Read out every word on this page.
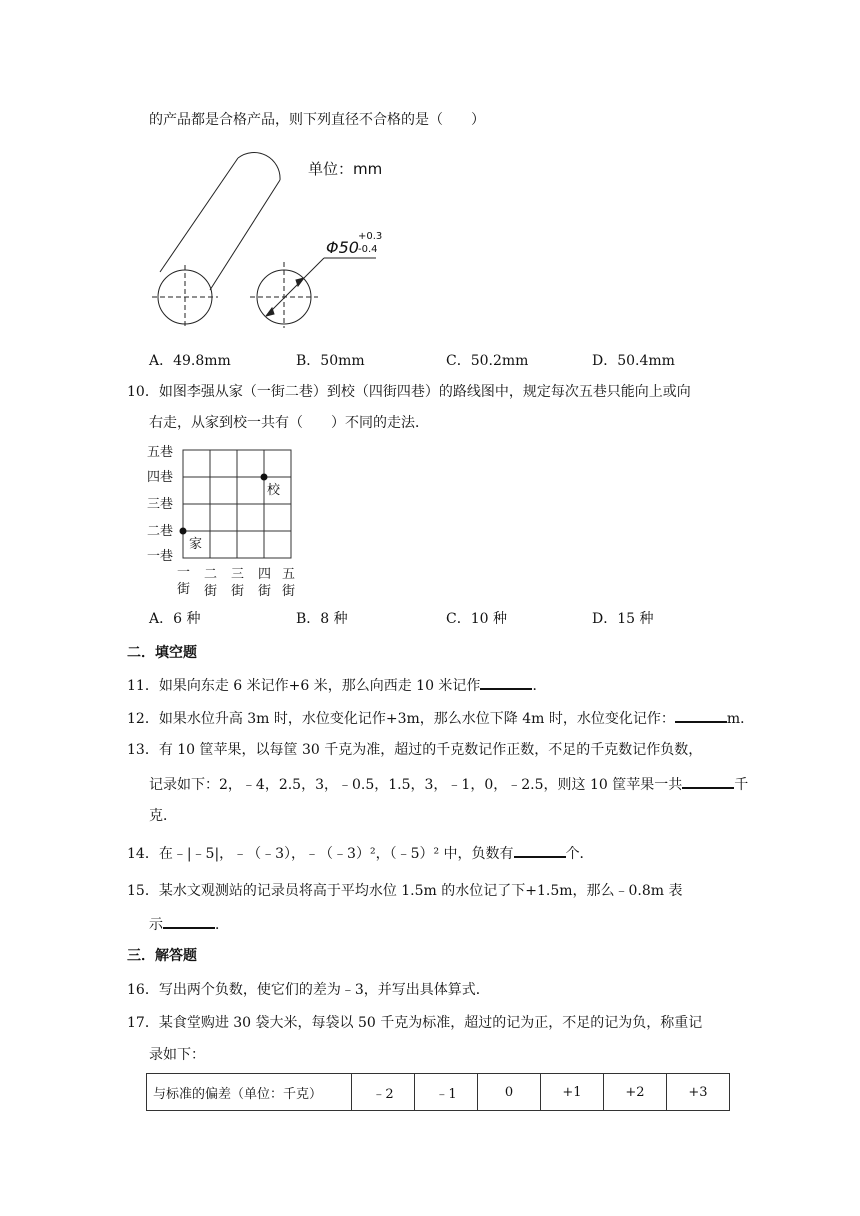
的产品都是合格产品，则下列直径不合格的是（　　）
单位：mm
Φ50
+0.3
-0.4
A．49.8mm	B．50mm	C．50.2mm	D．50.4mm
10．如图李强从家（一街二巷）到校（四街四巷）的路线图中，规定每次五巷只能向上或向
右走，从家到校一共有（　　）不同的走法．
五巷
四巷
三巷
二巷
一巷
家
校
一 二 三 四 五
街 街 街 街 街
A．6 种	B．8 种	C．10 种	D．15 种
二．填空题
11．如果向东走 6 米记作+6 米，那么向西走 10 米记作	．
12．如果水位升高 3m 时，水位变化记作+3m，那么水位下降 4m 时，水位变化记作：	m．
13．有 10 筐苹果，以每筐 30 千克为准，超过的千克数记作正数，不足的千克数记作负数，
记录如下：2，﹣4，2.5，3，﹣0.5，1.5，3，﹣1，0，﹣2.5，则这 10 筐苹果一共	千
克．
14．在﹣|﹣5|，﹣（﹣3），﹣（﹣3）²，（﹣5）² 中，负数有	个．
15．某水文观测站的记录员将高于平均水位 1.5m 的水位记了下+1.5m，那么﹣0.8m 表
示	．
三．解答题
16．写出两个负数，使它们的差为﹣3，并写出具体算式．
17．某食堂购进 30 袋大米，每袋以 50 千克为标准，超过的记为正，不足的记为负，称重记
录如下：
与标准的偏差（单位：千克）	﹣2	﹣1	0	+1	+2	+3
